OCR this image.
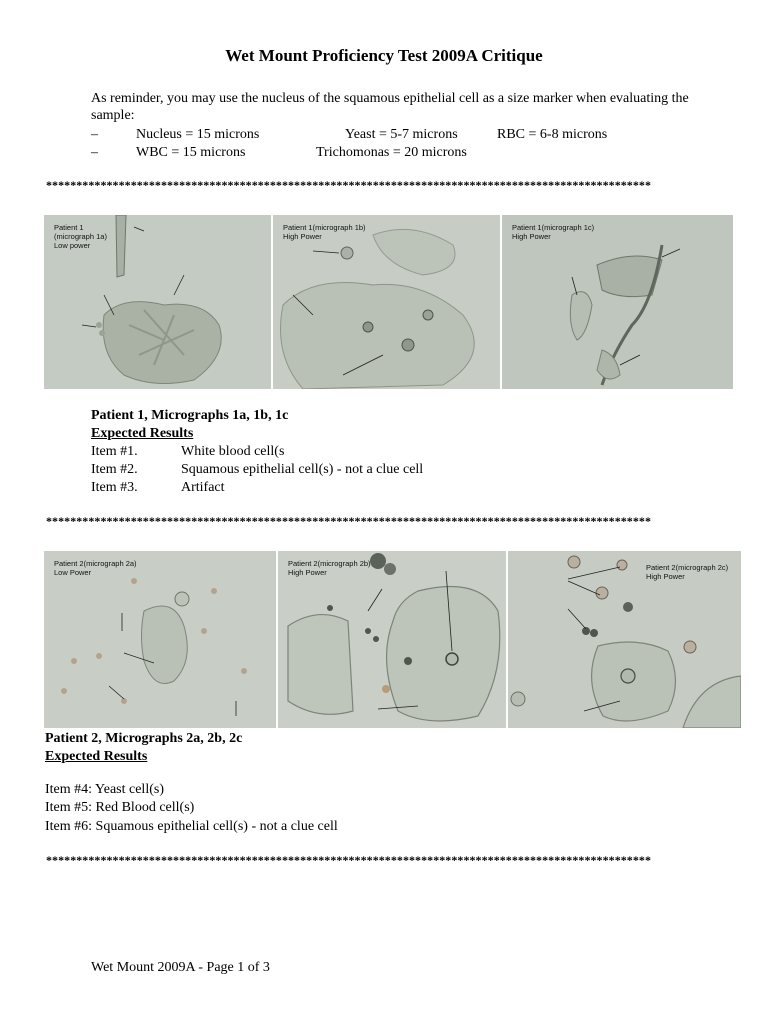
Wet Mount Proficiency Test 2009A Critique
As reminder, you may use the nucleus of the squamous epithelial cell as a size marker when evaluating the sample:
–	Nucleus = 15 microns	Yeast = 5-7 microns	RBC = 6-8 microns
–	WBC = 15 microns	Trichomonas = 20 microns
****************************************************************************************************
Patient 1
(micrograph 1a)
Low power
Patient 1(micrograph 1b)
High Power
Patient 1(micrograph 1c)
High Power
Patient 1, Micrographs 1a, 1b, 1c
Expected Results
Item #1.	White blood cell(s
Item #2.	Squamous epithelial cell(s) - not a clue cell
Item #3.	Artifact
****************************************************************************************************
Patient 2(micrograph 2a)
Low Power
Patient 2(micrograph 2b)
High Power
Patient 2(micrograph 2c)
High Power
Patient 2, Micrographs 2a, 2b, 2c
Expected Results
Item #4: Yeast cell(s)
Item #5: Red Blood cell(s)
Item #6: Squamous epithelial cell(s) - not a clue cell
****************************************************************************************************
Wet Mount 2009A - Page 1 of 3
